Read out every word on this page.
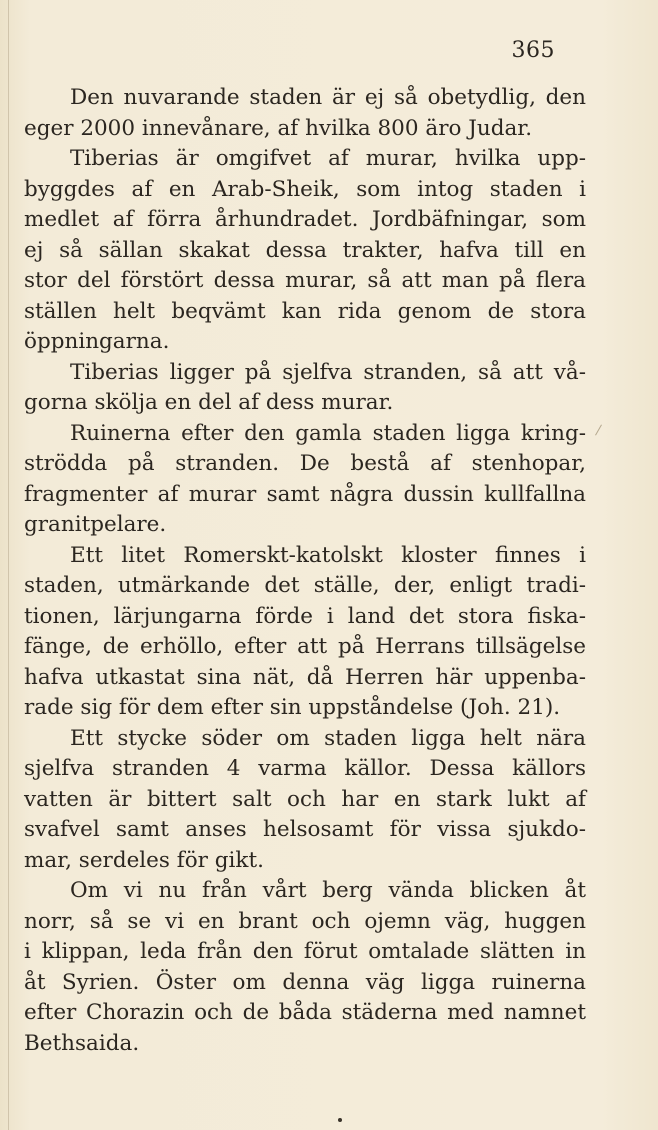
365
Den nuvarande staden är ej så obetydlig, den
eger 2000 innevånare, af hvilka 800 äro Judar.
Tiberias är omgifvet af murar, hvilka upp-
byggdes af en Arab-Sheik, som intog staden i
medlet af förra århundradet. Jordbäfningar, som
ej så sällan skakat dessa trakter, hafva till en
stor del förstört dessa murar, så att man på flera
ställen helt beqvämt kan rida genom de stora
öppningarna.
Tiberias ligger på sjelfva stranden, så att vå-
gorna skölja en del af dess murar.
Ruinerna efter den gamla staden ligga kring-
strödda på stranden. De bestå af stenhopar,
fragmenter af murar samt några dussin kullfallna
granitpelare.
Ett litet Romerskt-katolskt kloster finnes i
staden, utmärkande det ställe, der, enligt tradi-
tionen, lärjungarna förde i land det stora fiska-
fänge, de erhöllo, efter att på Herrans tillsägelse
hafva utkastat sina nät, då Herren här uppenba-
rade sig för dem efter sin uppståndelse (Joh. 21).
Ett stycke söder om staden ligga helt nära
sjelfva stranden 4 varma källor. Dessa källors
vatten är bittert salt och har en stark lukt af
svafvel samt anses helsosamt för vissa sjukdo-
mar, serdeles för gikt.
Om vi nu från vårt berg vända blicken åt
norr, så se vi en brant och ojemn väg, huggen
i klippan, leda från den förut omtalade slätten in
åt Syrien. Öster om denna väg ligga ruinerna
efter Chorazin och de båda städerna med namnet
Bethsaida.
